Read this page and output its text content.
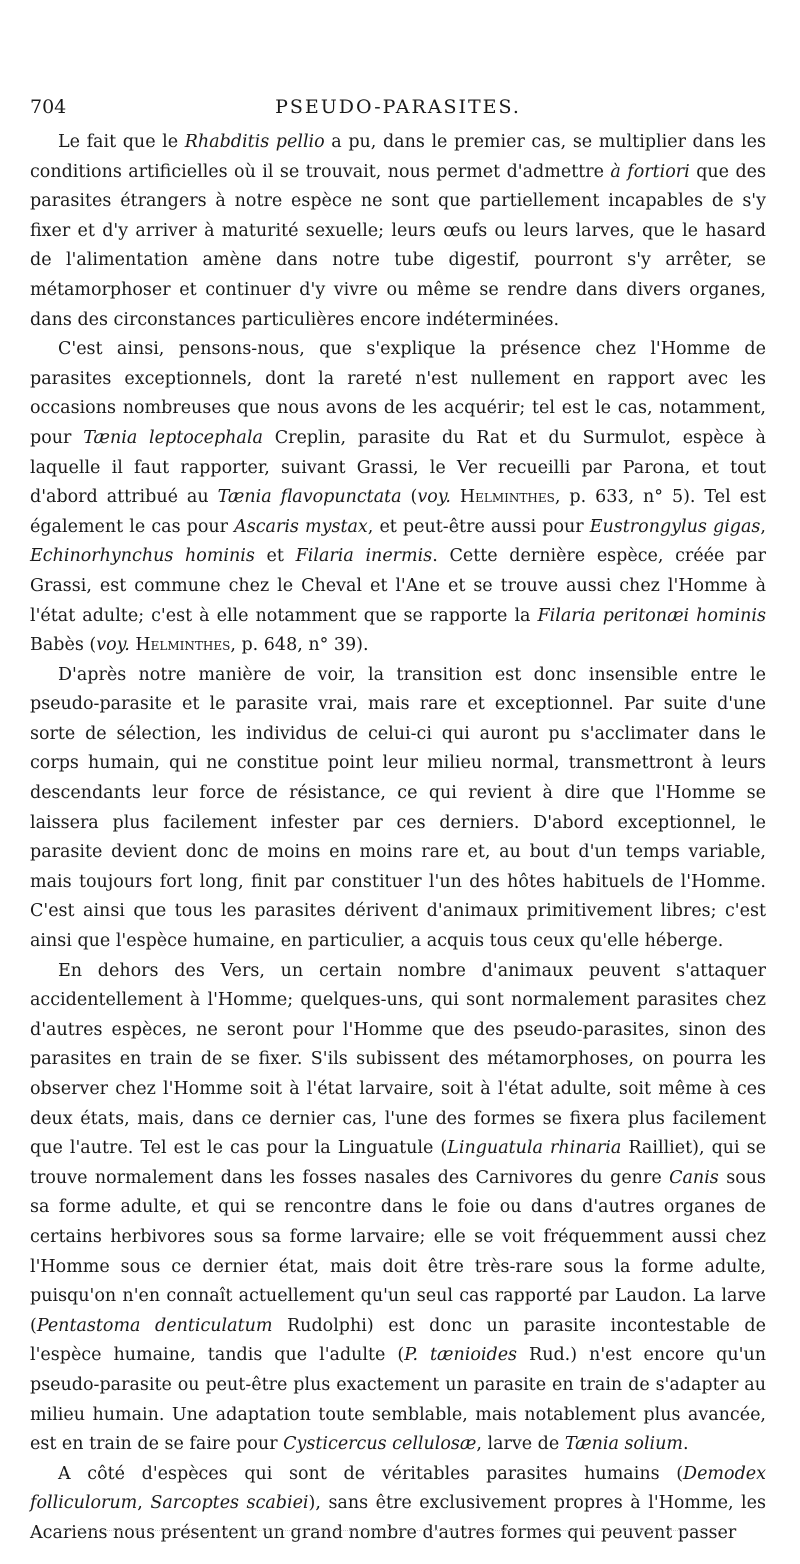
704	PSEUDO-PARASITES.

Le fait que le Rhabditis pellio a pu, dans le premier cas, se multiplier dans les conditions artificielles où il se trouvait, nous permet d'admettre à fortiori que des parasites étrangers à notre espèce ne sont que partiellement incapables de s'y fixer et d'y arriver à maturité sexuelle; leurs œufs ou leurs larves, que le hasard de l'alimentation amène dans notre tube digestif, pourront s'y arrêter, se métamorphoser et continuer d'y vivre ou même se rendre dans divers organes, dans des circonstances particulières encore indéterminées.

C'est ainsi, pensons-nous, que s'explique la présence chez l'Homme de parasites exceptionnels, dont la rareté n'est nullement en rapport avec les occasions nombreuses que nous avons de les acquérir; tel est le cas, notamment, pour Tænia leptocephala Creplin, parasite du Rat et du Surmulot, espèce à laquelle il faut rapporter, suivant Grassi, le Ver recueilli par Parona, et tout d'abord attribué au Tænia flavopunctata (voy. Helminthes, p. 633, n° 5). Tel est également le cas pour Ascaris mystax, et peut-être aussi pour Eustrongylus gigas, Echinorhynchus hominis et Filaria inermis. Cette dernière espèce, créée par Grassi, est commune chez le Cheval et l'Ane et se trouve aussi chez l'Homme à l'état adulte; c'est à elle notamment que se rapporte la Filaria peritonæi hominis Babès (voy. Helminthes, p. 648, n° 39).

D'après notre manière de voir, la transition est donc insensible entre le pseudo-parasite et le parasite vrai, mais rare et exceptionnel. Par suite d'une sorte de sélection, les individus de celui-ci qui auront pu s'acclimater dans le corps humain, qui ne constitue point leur milieu normal, transmettront à leurs descendants leur force de résistance, ce qui revient à dire que l'Homme se laissera plus facilement infester par ces derniers. D'abord exceptionnel, le parasite devient donc de moins en moins rare et, au bout d'un temps variable, mais toujours fort long, finit par constituer l'un des hôtes habituels de l'Homme. C'est ainsi que tous les parasites dérivent d'animaux primitivement libres; c'est ainsi que l'espèce humaine, en particulier, a acquis tous ceux qu'elle héberge.

En dehors des Vers, un certain nombre d'animaux peuvent s'attaquer accidentellement à l'Homme; quelques-uns, qui sont normalement parasites chez d'autres espèces, ne seront pour l'Homme que des pseudo-parasites, sinon des parasites en train de se fixer. S'ils subissent des métamorphoses, on pourra les observer chez l'Homme soit à l'état larvaire, soit à l'état adulte, soit même à ces deux états, mais, dans ce dernier cas, l'une des formes se fixera plus facilement que l'autre. Tel est le cas pour la Linguatule (Linguatula rhinaria Railliet), qui se trouve normalement dans les fosses nasales des Carnivores du genre Canis sous sa forme adulte, et qui se rencontre dans le foie ou dans d'autres organes de certains herbivores sous sa forme larvaire; elle se voit fréquemment aussi chez l'Homme sous ce dernier état, mais doit être très-rare sous la forme adulte, puisqu'on n'en connaît actuellement qu'un seul cas rapporté par Laudon. La larve (Pentastoma denticulatum Rudolphi) est donc un parasite incontestable de l'espèce humaine, tandis que l'adulte (P. tænioides Rud.) n'est encore qu'un pseudo-parasite ou peut-être plus exactement un parasite en train de s'adapter au milieu humain. Une adaptation toute semblable, mais notablement plus avancée, est en train de se faire pour Cysticercus cellulosæ, larve de Tænia solium.

A côté d'espèces qui sont de véritables parasites humains (Demodex folliculorum, Sarcoptes scabiei), sans être exclusivement propres à l'Homme, les Acariens nous présentent un grand nombre d'autres formes qui peuvent passer
